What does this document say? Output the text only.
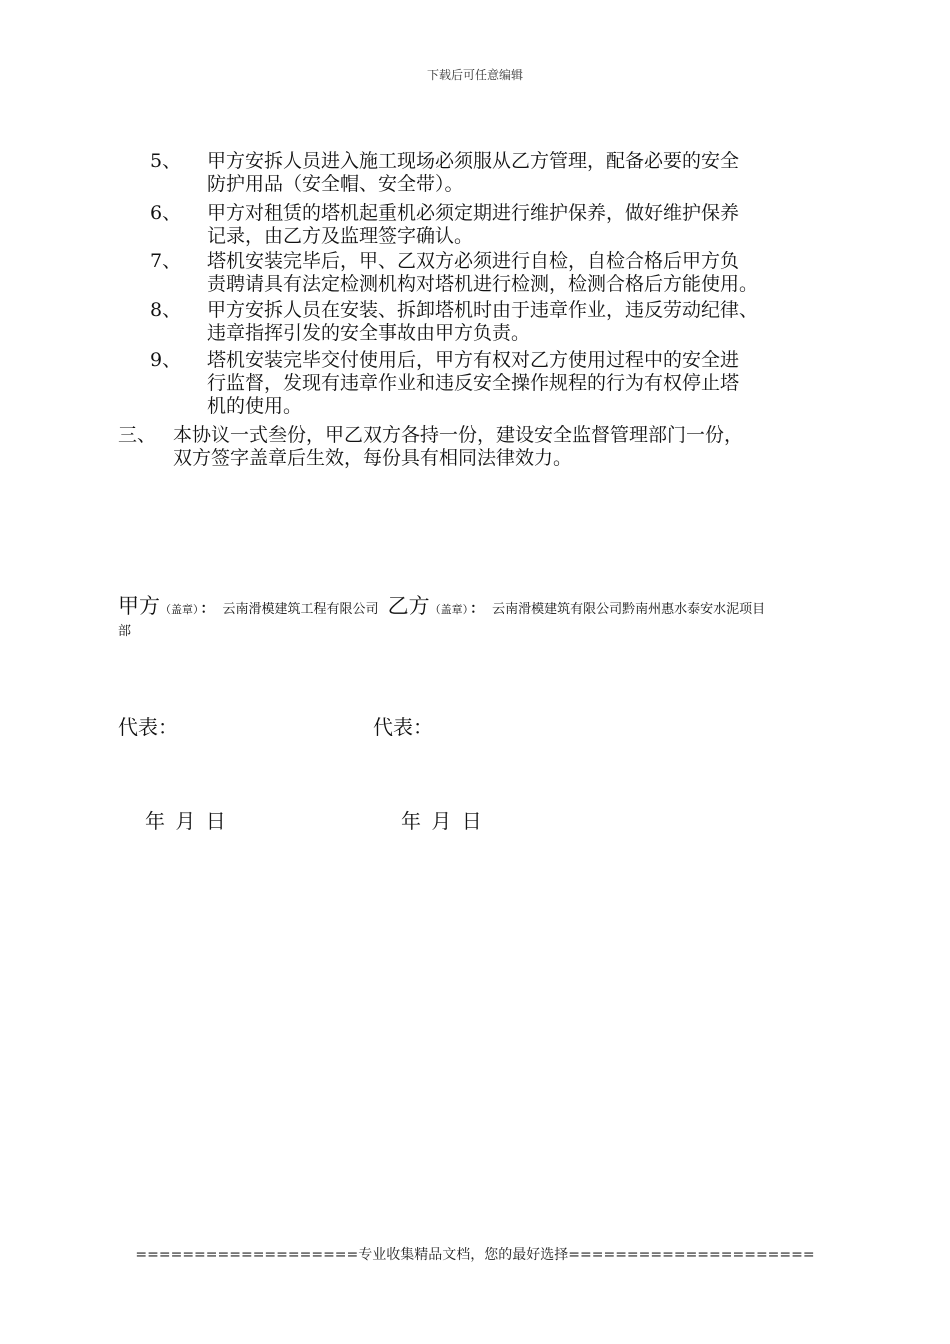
下载后可任意编辑
5、 甲方安拆人员进入施工现场必须服从乙方管理，配备必要的安全
防护用品（安全帽、安全带）。
6、 甲方对租赁的塔机起重机必须定期进行维护保养，做好维护保养
记录，由乙方及监理签字确认。
7、 塔机安装完毕后，甲、乙双方必须进行自检，自检合格后甲方负
责聘请具有法定检测机构对塔机进行检测，检测合格后方能使用。
8、 甲方安拆人员在安装、拆卸塔机时由于违章作业，违反劳动纪律、
违章指挥引发的安全事故由甲方负责。
9、 塔机安装完毕交付使用后，甲方有权对乙方使用过程中的安全进
行监督，发现有违章作业和违反安全操作规程的行为有权停止塔
机的使用。
三、 本协议一式叁份，甲乙双方各持一份，建设安全监督管理部门一份，
双方签字盖章后生效，每份具有相同法律效力。
甲方（盖章） ： 云南滑模建筑工程有限公司 乙方（盖章） ： 云南滑模建筑有限公司黔南州惠水泰安水泥项目
部
代表：	代表：
年 月 日	年 月 日
===================专业收集精品文档，您的最好选择=====================
